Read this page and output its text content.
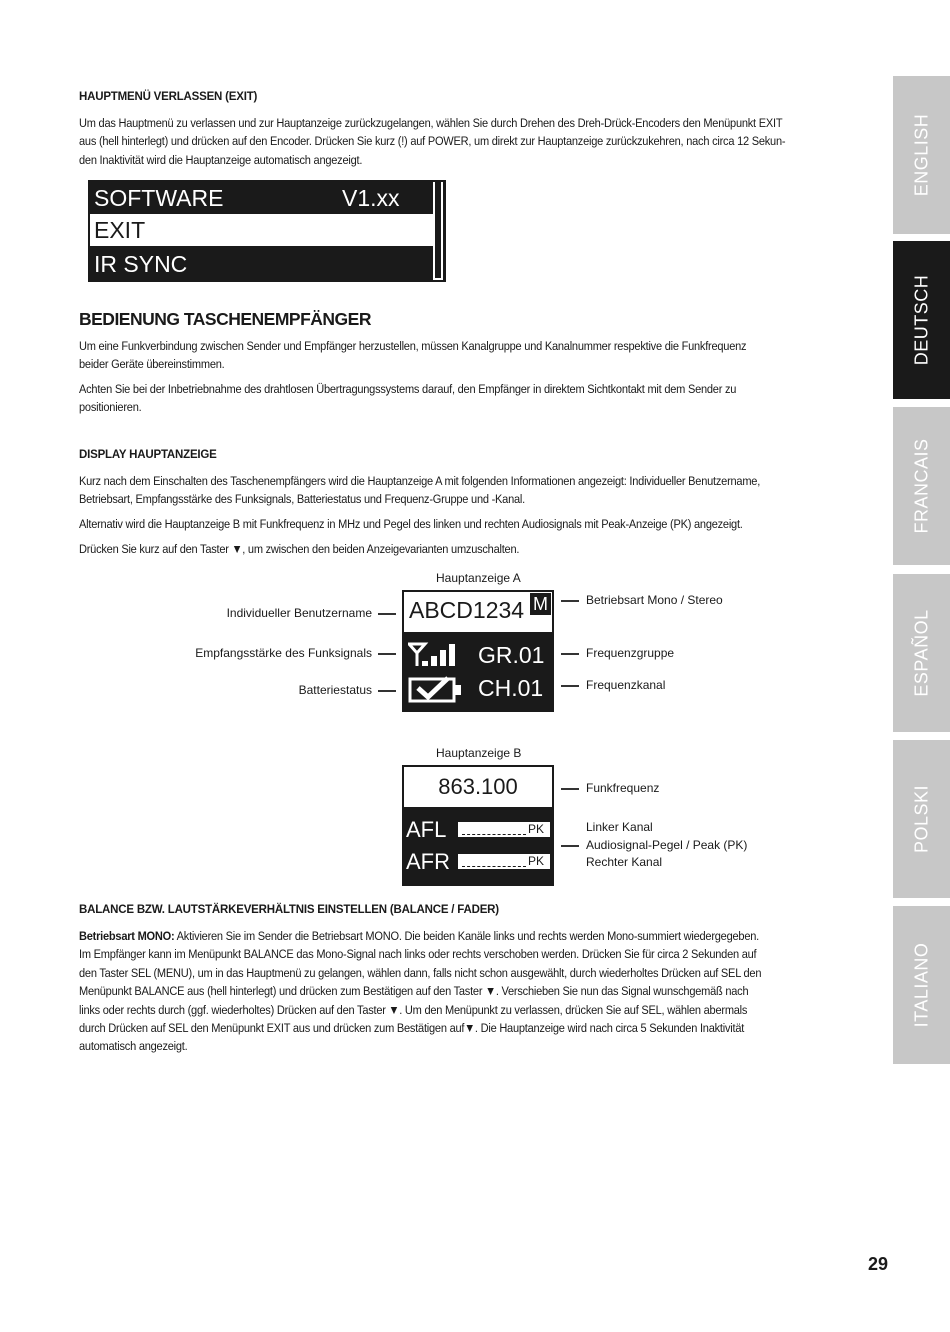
HAUPTMENÜ VERLASSEN (EXIT)
Um das Hauptmenü zu verlassen und zur Hauptanzeige zurückzugelangen, wählen Sie durch Drehen des Dreh-Drück-Encoders den Menüpunkt EXIT
aus (hell hinterlegt) und drücken auf den Encoder. Drücken Sie kurz (!) auf POWER, um direkt zur Hauptanzeige zurückzukehren, nach circa 12 Sekun-
den Inaktivität wird die Hauptanzeige automatisch angezeigt.
SOFTWARE	V1.xx
EXIT
IR SYNC
BEDIENUNG TASCHENEMPFÄNGER
Um eine Funkverbindung zwischen Sender und Empfänger herzustellen, müssen Kanalgruppe und Kanalnummer respektive die Funkfrequenz
beider Geräte übereinstimmen.
Achten Sie bei der Inbetriebnahme des drahtlosen Übertragungssystems darauf, den Empfänger in direktem Sichtkontakt mit dem Sender zu
positionieren.
DISPLAY HAUPTANZEIGE
Kurz nach dem Einschalten des Taschenempfängers wird die Hauptanzeige A mit folgenden Informationen angezeigt: Individueller Benutzername,
Betriebsart, Empfangsstärke des Funksignals, Batteriestatus und Frequenz-Gruppe und -Kanal.
Alternativ wird die Hauptanzeige B mit Funkfrequenz in MHz und Pegel des linken und rechten Audiosignals mit Peak-Anzeige (PK) angezeigt.
Drücken Sie kurz auf den Taster ▼, um zwischen den beiden Anzeigevarianten umzuschalten.
Hauptanzeige A
ABCD1234 M
GR.01
CH.01
Individueller Benutzername
Empfangsstärke des Funksignals
Batteriestatus
Betriebsart Mono / Stereo
Frequenzgruppe
Frequenzkanal
Hauptanzeige B
863.100
AFL	PK
AFR	PK
Funkfrequenz
Linker Kanal
Audiosignal-Pegel / Peak (PK)
Rechter Kanal
BALANCE BZW. LAUTSTÄRKEVERHÄLTNIS EINSTELLEN (BALANCE / FADER)
Betriebsart MONO: Aktivieren Sie im Sender die Betriebsart MONO. Die beiden Kanäle links und rechts werden Mono-summiert wiedergegeben.
Im Empfänger kann im Menüpunkt BALANCE das Mono-Signal nach links oder rechts verschoben werden. Drücken Sie für circa 2 Sekunden auf
den Taster SEL (MENU), um in das Hauptmenü zu gelangen, wählen dann, falls nicht schon ausgewählt, durch wiederholtes Drücken auf SEL den
Menüpunkt BALANCE aus (hell hinterlegt) und drücken zum Bestätigen auf den Taster ▼. Verschieben Sie nun das Signal wunschgemäß nach
links oder rechts durch (ggf. wiederholtes) Drücken auf den Taster ▼. Um den Menüpunkt zu verlassen, drücken Sie auf SEL, wählen abermals
durch Drücken auf SEL den Menüpunkt EXIT aus und drücken zum Bestätigen auf▼. Die Hauptanzeige wird nach circa 5 Sekunden Inaktivität
automatisch angezeigt.
ENGLISH
DEUTSCH
FRANCAIS
ESPAÑOL
POLSKI
ITALIANO
29
